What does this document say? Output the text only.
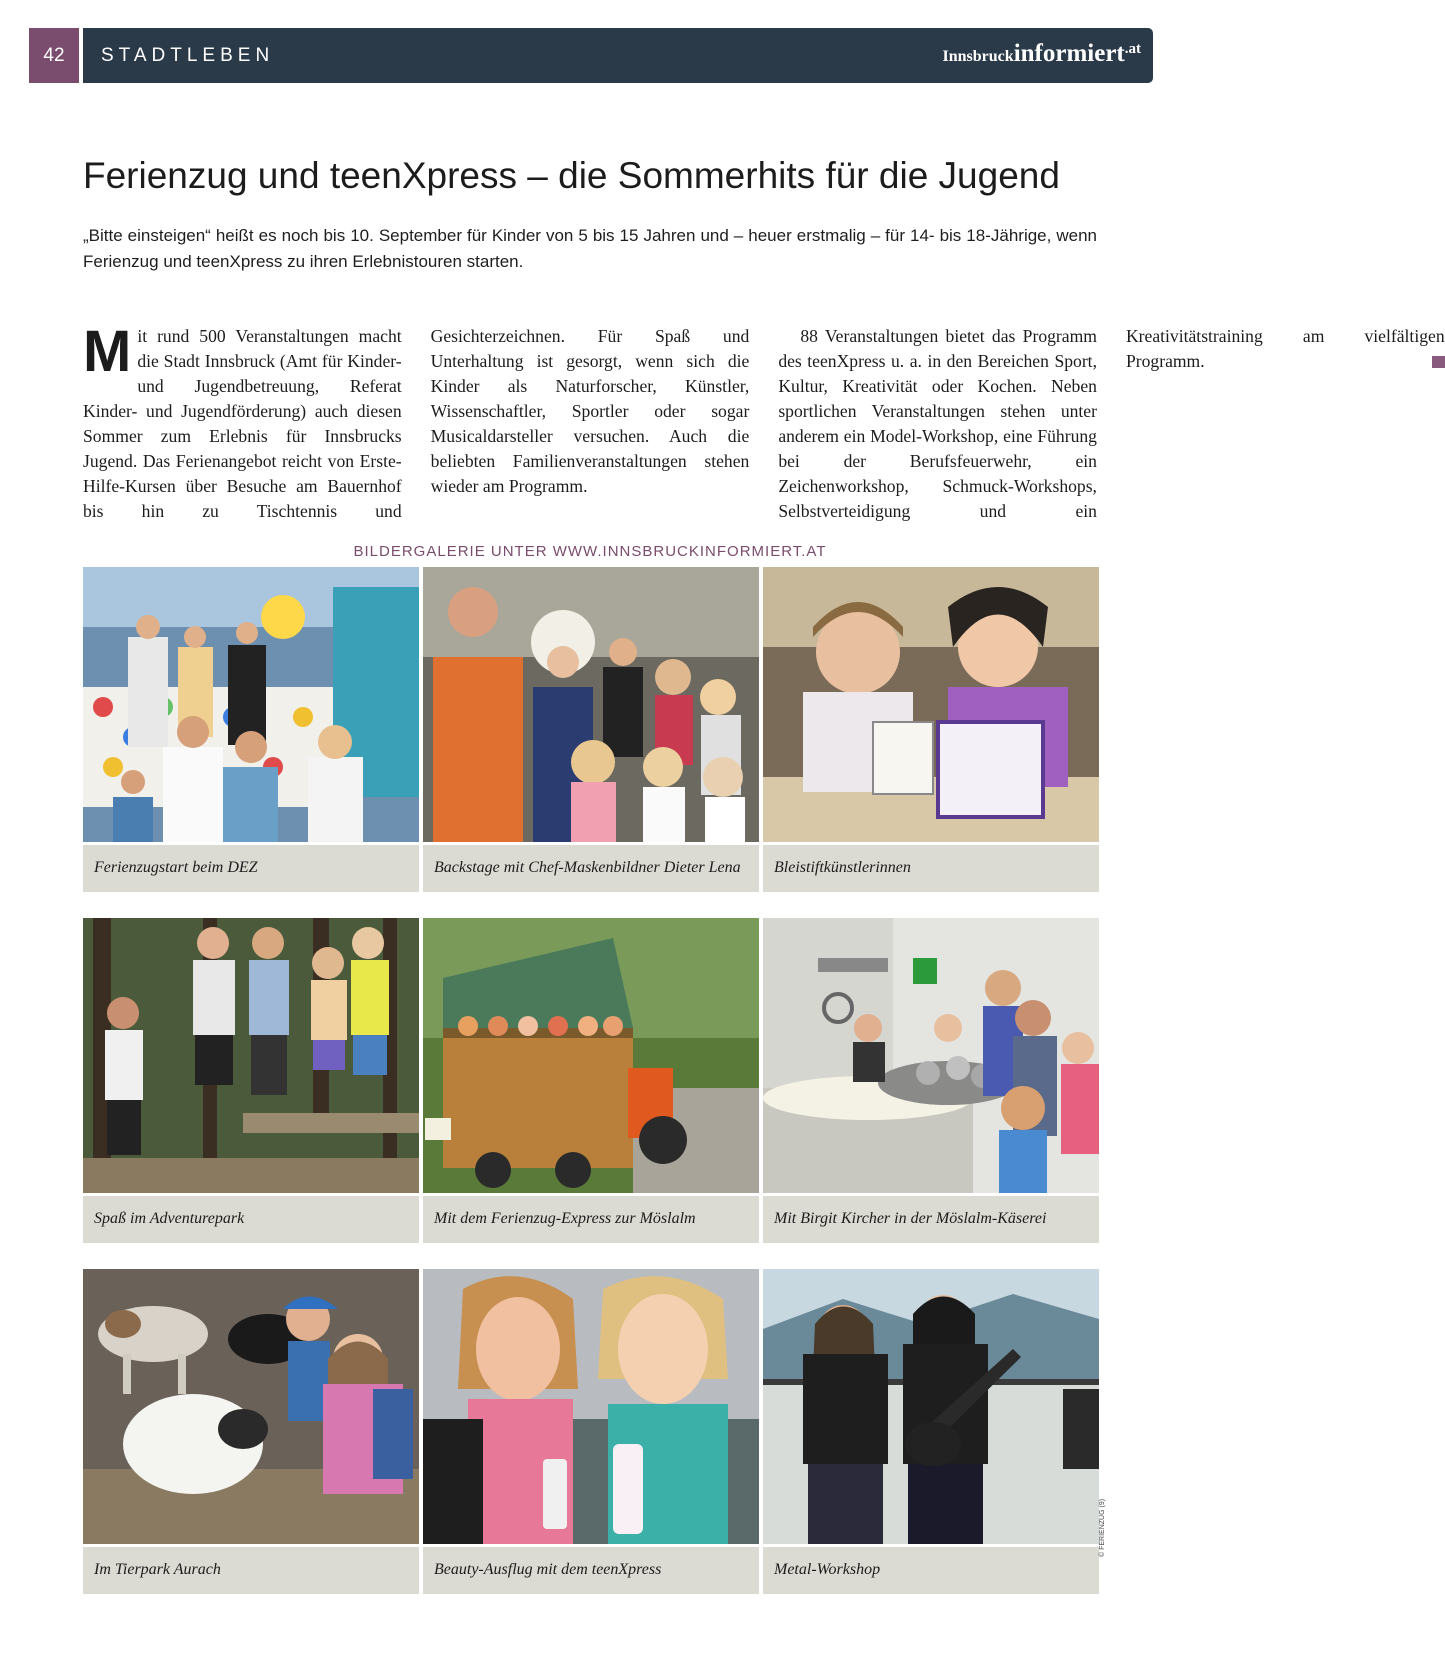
42	STADTLEBEN	Innsbruckinformiert.at
Ferienzug und teenXpress – die Sommerhits für die Jugend

„Bitte einsteigen“ heißt es noch bis 10. September für Kinder von 5 bis 15 Jahren und – heuer erstmalig – für 14- bis 18-Jährige, wenn Ferienzug und teenXpress zu ihren Erlebnistouren starten.

Mit rund 500 Veranstaltungen macht die Stadt Innsbruck (Amt für Kinder- und Jugendbetreuung, Referat Kinder- und Jugendförderung) auch diesen Sommer zum Erlebnis für Innsbrucks Jugend. Das Ferienangebot reicht von Erste-Hilfe-Kursen über Besuche am Bauernhof bis hin zu Tischtennis und Gesichterzeichnen. Für Spaß und Unterhaltung ist gesorgt, wenn sich die Kinder als Naturforscher, Künstler, Wissenschaftler, Sportler oder sogar Musicaldarsteller versuchen. Auch die beliebten Familienveranstaltungen stehen wieder am Programm.

88 Veranstaltungen bietet das Programm des teenXpress u. a. in den Bereichen Sport, Kultur, Kreativität oder Kochen. Neben sportlichen Veranstaltungen stehen unter anderem ein Model-Workshop, eine Führung bei der Berufsfeuerwehr, ein Zeichenworkshop, Schmuck-Workshops, Selbstverteidigung und ein Kreativitätstraining am vielfältigen Programm.

BILDERGALERIE UNTER WWW.INNSBRUCKINFORMIERT.AT
Ferienzugstart beim DEZ	Backstage mit Chef-Maskenbildner Dieter Lena	Bleistiftkünstlerinnen
Spaß im Adventurepark	Mit dem Ferienzug-Express zur Möslalm	Mit Birgit Kircher in der Möslalm-Käserei
Im Tierpark Aurach	Beauty-Ausflug mit dem teenXpress	Metal-Workshop
© FERIENZUG (9)
